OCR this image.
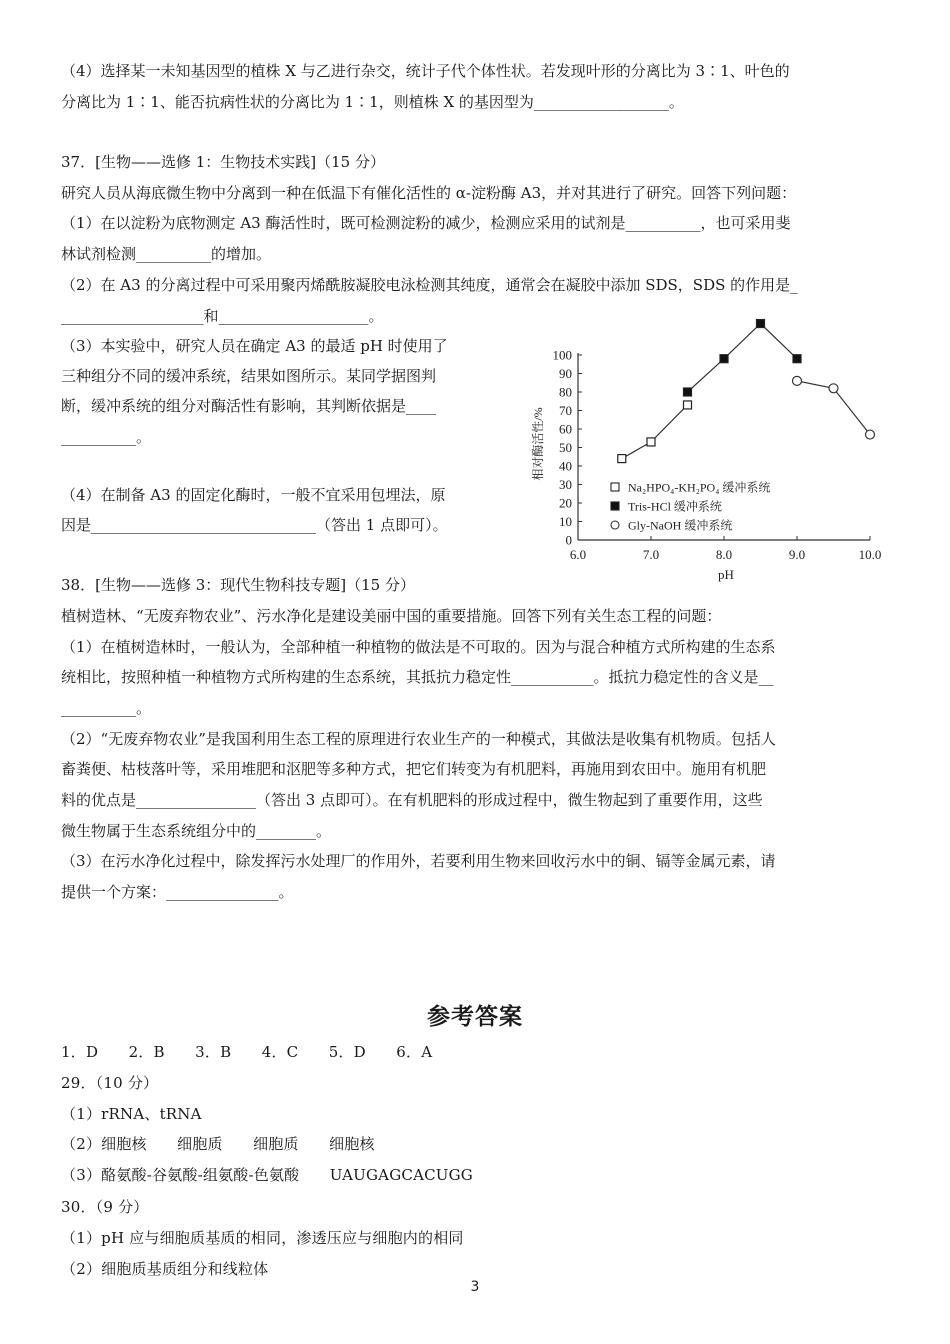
（4）选择某一未知基因型的植株 X 与乙进行杂交，统计子代个体性状。若发现叶形的分离比为 3∶1、叶色的
分离比为 1∶1、能否抗病性状的分离比为 1∶1，则植株 X 的基因型为__________________。
37．[生物——选修 1：生物技术实践]（15 分）
研究人员从海底微生物中分离到一种在低温下有催化活性的 α-淀粉酶 A3，并对其进行了研究。回答下列问题：
（1）在以淀粉为底物测定 A3 酶活性时，既可检测淀粉的减少，检测应采用的试剂是__________，也可采用斐
林试剂检测__________的增加。
（2）在 A3 的分离过程中可采用聚丙烯酰胺凝胶电泳检测其纯度，通常会在凝胶中添加 SDS，SDS 的作用是_
___________________和____________________。
（3）本实验中，研究人员在确定 A3 的最适 pH 时使用了
三种组分不同的缓冲系统，结果如图所示。某同学据图判
断，缓冲系统的组分对酶活性有影响，其判断依据是____
__________。
（4）在制备 A3 的固定化酶时，一般不宜采用包埋法，原
因是______________________________（答出 1 点即可）。
6.0	7.0	8.0	9.0	10.0
0
10
20
30
40
50
60
70
80
90
100
Na₂HPO₄-KH₂PO₄ 缓冲系统
Tris-HCl 缓冲系统
Gly-NaOH 缓冲系统
pH
相对酶活性/%
38．[生物——选修 3：现代生物科技专题]（15 分）
植树造林、“无废弃物农业”、污水净化是建设美丽中国的重要措施。回答下列有关生态工程的问题：
（1）在植树造林时，一般认为，全部种植一种植物的做法是不可取的。因为与混合种植方式所构建的生态系
统相比，按照种植一种植物方式所构建的生态系统，其抵抗力稳定性___________。抵抗力稳定性的含义是__
__________。
（2）“无废弃物农业”是我国利用生态工程的原理进行农业生产的一种模式，其做法是收集有机物质。包括人
畜粪便、枯枝落叶等，采用堆肥和沤肥等多种方式，把它们转变为有机肥料，再施用到农田中。施用有机肥
料的优点是________________（答出 3 点即可）。在有机肥料的形成过程中，微生物起到了重要作用，这些
微生物属于生态系统组分中的________。
（3）在污水净化过程中，除发挥污水处理厂的作用外，若要利用生物来回收污水中的铜、镉等金属元素，请
提供一个方案：_______________。
参考答案
1．D　　2．B　　3．B　　4．C　　5．D　　6．A
29．（10 分）
（1）rRNA、tRNA
（2）细胞核　　细胞质　　细胞质　　细胞核
（3）酪氨酸-谷氨酸-组氨酸-色氨酸　　UAUGAGCACUGG
30．（9 分）
（1）pH 应与细胞质基质的相同，渗透压应与细胞内的相同
（2）细胞质基质组分和线粒体
3
